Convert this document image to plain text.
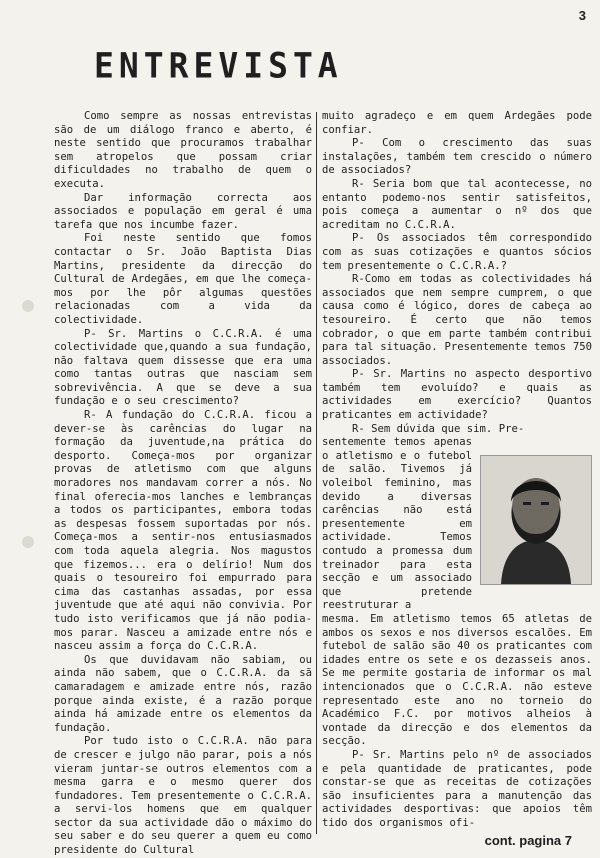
3
ENTREVISTA

Como sempre as nossas entrevistas são de um diálogo franco e aberto, é neste sentido que procuramos trabalhar sem atropelos que possam criar dificuldades no trabalho de quem o executa.

Dar informação correcta aos associados e população em geral é uma tarefa que nos incumbe fazer.

Foi neste sentido que fomos contactar o Sr. João Baptista Dias Martins, presidente da direcção do Cultural de Ardegães, em que lhe começa-mos por lhe pôr algumas questões relacionadas com a vida da colectividade.

P- Sr. Martins o C.C.R.A. é uma colectividade que,quando a sua fundação, não faltava quem dissesse que era uma como tantas outras que nasciam sem sobrevivência. A que se deve a sua fundação e o seu crescimento?

R- A fundação do C.C.R.A. ficou a dever-se às carências do lugar na formação da juventude,na prática do desporto. Começa-mos por organizar provas de atletismo com que alguns moradores nos mandavam correr a nós. No final oferecia-mos lanches e lembranças a todos os participantes, embora todas as despesas fossem suportadas por nós. Começa-mos a sentir-nos entusiasmados com toda aquela alegria. Nos magustos que fizemos... era o delírio! Num dos quais o tesoureiro foi empurrado para cima das castanhas assadas, por essa juventude que até aqui não convivia. Por tudo isto verificamos que já não podia-mos parar. Nasceu a amizade entre nós e nasceu assim a força do C.C.R.A.

Os que duvidavam não sabiam, ou ainda não sabem, que o C.C.R.A. da sã camaradagem e amizade entre nós, razão porque ainda existe, é a razão porque ainda há amizade entre os elementos da fundação.

Por tudo isto o C.C.R.A. não para de crescer e julgo não parar, pois a nós vieram juntar-se outros elementos com a mesma garra e o mesmo querer dos fundadores. Tem presentemente o C.C.R.A. a servi-los homens que em qualquer sector da sua actividade dão o máximo do seu saber e do seu querer a quem eu como presidente do Cultural

muito agradeço e em quem Ardegães pode confiar.

P- Com o crescimento das suas instalações, também tem crescido o número de associados?

R- Seria bom que tal acontecesse, no entanto podemo-nos sentir satisfeitos, pois começa a aumentar o nº dos que acreditam no C.C.R.A.

P- Os associados têm correspondido com as suas cotizações e quantos sócios tem presentemente o C.C.R.A.?

R-Como em todas as colectividades há associados que nem sempre cumprem, o que causa como é lógico, dores de cabeça ao tesoureiro. É certo que não temos cobrador, o que em parte também contribui para tal situação. Presentemente temos 750 associados.

P- Sr. Martins no aspecto desportivo também tem evoluído? e quais as actividades em exercício? Quantos praticantes em actividade?

R- Sem dúvida que sim. Pre-

sentemente temos apenas o atletismo e o futebol de salão. Tivemos já voleibol feminino, mas devido a diversas carências não está presentemente em actividade. Temos contudo a promessa dum treinador para esta secção e um associado que pretende reestruturar a

mesma. Em atletismo temos 65 atletas de ambos os sexos e nos diversos escalões. Em futebol de salão são 40 os praticantes com idades entre os sete e os dezasseis anos. Se me permite gostaria de informar os mal intencionados que o C.C.R.A. não esteve representado este ano no torneio do Académico F.C. por motivos alheios à vontade da direcção e dos elementos da secção.

P- Sr. Martins pelo nº de associados e pela quantidade de praticantes, pode constar-se que as receitas de cotizações são insuficientes para a manutenção das actividades desportivas: que apoios têm tido dos organismos ofi-

cont. pagina 7
